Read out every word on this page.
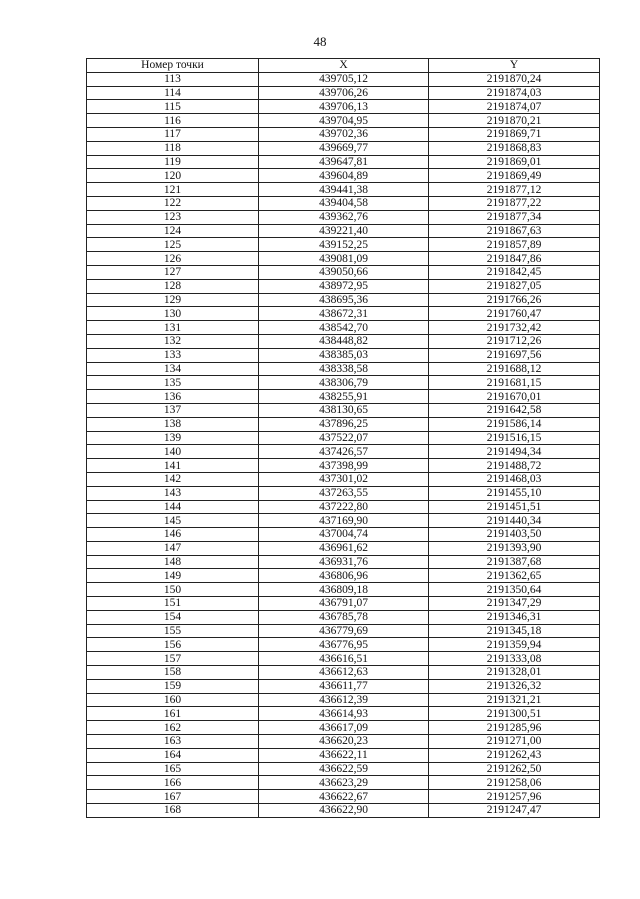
48
Номер точки	X	Y
113	439705,12	2191870,24
114	439706,26	2191874,03
115	439706,13	2191874,07
116	439704,95	2191870,21
117	439702,36	2191869,71
118	439669,77	2191868,83
119	439647,81	2191869,01
120	439604,89	2191869,49
121	439441,38	2191877,12
122	439404,58	2191877,22
123	439362,76	2191877,34
124	439221,40	2191867,63
125	439152,25	2191857,89
126	439081,09	2191847,86
127	439050,66	2191842,45
128	438972,95	2191827,05
129	438695,36	2191766,26
130	438672,31	2191760,47
131	438542,70	2191732,42
132	438448,82	2191712,26
133	438385,03	2191697,56
134	438338,58	2191688,12
135	438306,79	2191681,15
136	438255,91	2191670,01
137	438130,65	2191642,58
138	437896,25	2191586,14
139	437522,07	2191516,15
140	437426,57	2191494,34
141	437398,99	2191488,72
142	437301,02	2191468,03
143	437263,55	2191455,10
144	437222,80	2191451,51
145	437169,90	2191440,34
146	437004,74	2191403,50
147	436961,62	2191393,90
148	436931,76	2191387,68
149	436806,96	2191362,65
150	436809,18	2191350,64
151	436791,07	2191347,29
154	436785,78	2191346,31
155	436779,69	2191345,18
156	436776,95	2191359,94
157	436616,51	2191333,08
158	436612,63	2191328,01
159	436611,77	2191326,32
160	436612,39	2191321,21
161	436614,93	2191300,51
162	436617,09	2191285,96
163	436620,23	2191271,00
164	436622,11	2191262,43
165	436622,59	2191262,50
166	436623,29	2191258,06
167	436622,67	2191257,96
168	436622,90	2191247,47
